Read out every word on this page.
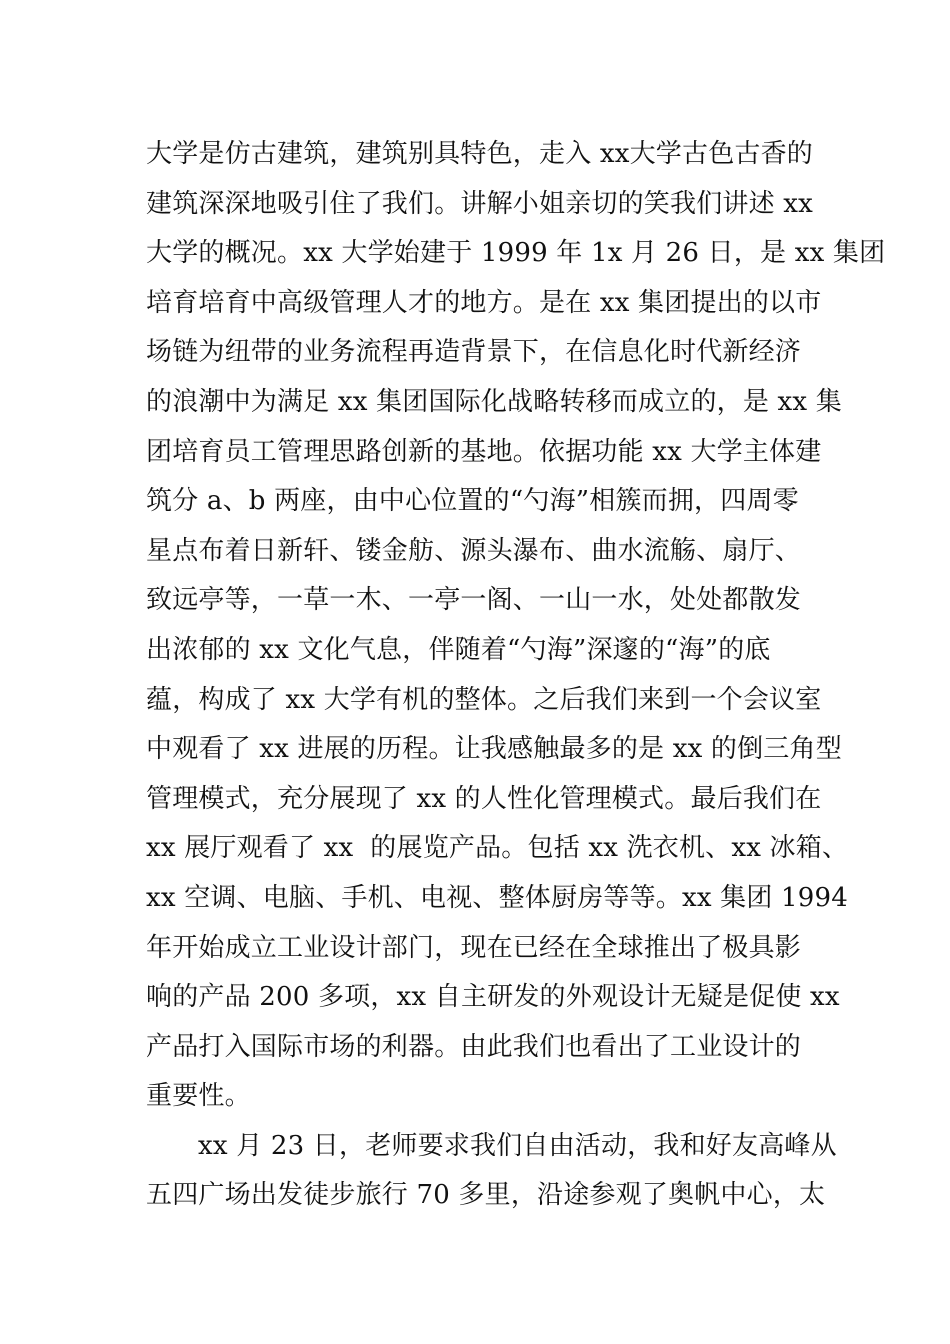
大学是仿古建筑，建筑别具特色，走入 xx大学古色古香的
建筑深深地吸引住了我们。讲解小姐亲切的笑我们讲述 xx
大学的概况。xx 大学始建于 1999 年 1x 月 26 日，是 xx 集团
培育培育中高级管理人才的地方。是在 xx 集团提出的以市
场链为纽带的业务流程再造背景下，在信息化时代新经济
的浪潮中为满足 xx 集团国际化战略转移而成立的，是 xx 集
团培育员工管理思路创新的基地。依据功能 xx 大学主体建
筑分 a、b 两座，由中心位置的“勺海”相簇而拥，四周零
星点布着日新轩、镂金舫、源头瀑布、曲水流觞、扇厅、
致远亭等，一草一木、一亭一阁、一山一水，处处都散发
出浓郁的 xx 文化气息，伴随着“勺海”深邃的“海”的底
蕴，构成了 xx 大学有机的整体。之后我们来到一个会议室
中观看了 xx 进展的历程。让我感触最多的是 xx 的倒三角型
管理模式，充分展现了 xx 的人性化管理模式。最后我们在
xx 展厅观看了 xx  的展览产品。包括 xx 洗衣机、xx 冰箱、
xx 空调、电脑、手机、电视、整体厨房等等。xx 集团 1994
年开始成立工业设计部门，现在已经在全球推出了极具影
响的产品 200 多项，xx 自主研发的外观设计无疑是促使 xx
产品打入国际市场的利器。由此我们也看出了工业设计的
重要性。
xx 月 23 日，老师要求我们自由活动，我和好友高峰从
五四广场出发徒步旅行 70 多里，沿途参观了奥帆中心，太
